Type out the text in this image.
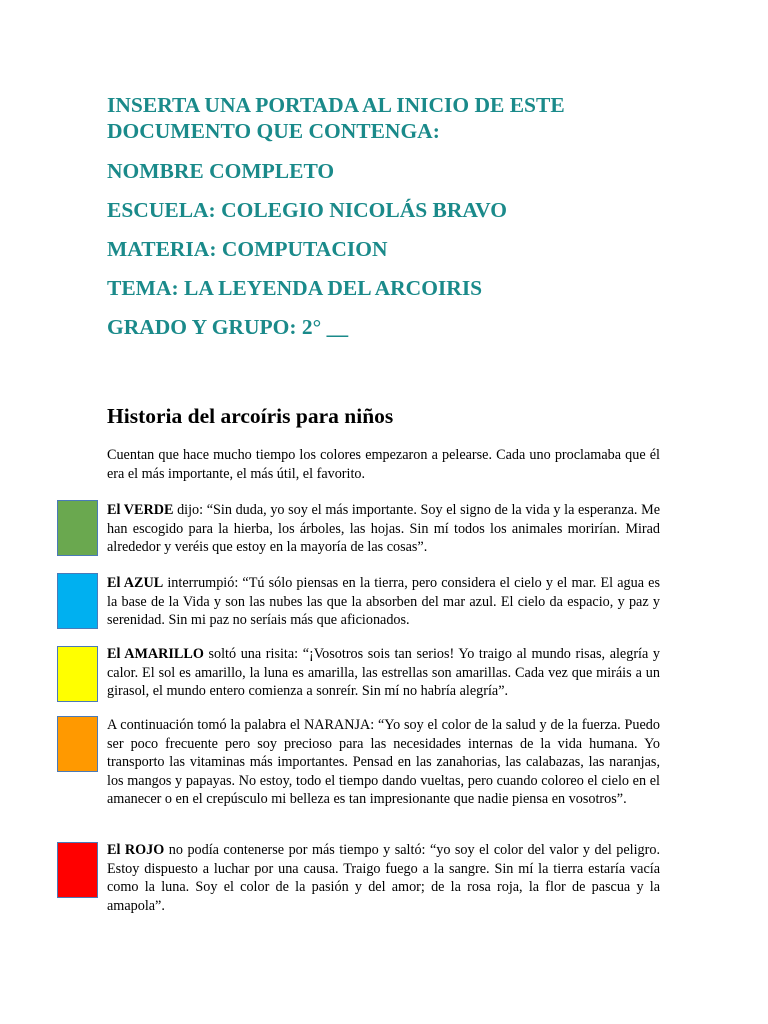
INSERTA UNA PORTADA AL INICIO DE ESTE DOCUMENTO QUE CONTENGA:

NOMBRE COMPLETO

ESCUELA: COLEGIO NICOLÁS BRAVO

MATERIA: COMPUTACION

TEMA: LA LEYENDA DEL ARCOIRIS

GRADO Y GRUPO: 2° __

Historia del arcoíris para niños

Cuentan que hace mucho tiempo los colores empezaron a pelearse. Cada uno proclamaba que él era el más importante, el más útil, el favorito.

El VERDE dijo: “Sin duda, yo soy el más importante. Soy el signo de la vida y la esperanza. Me han escogido para la hierba, los árboles, las hojas. Sin mí todos los animales morirían. Mirad alrededor y veréis que estoy en la mayoría de las cosas”.

El AZUL interrumpió: “Tú sólo piensas en la tierra, pero considera el cielo y el mar. El agua es la base de la Vida y son las nubes las que la absorben del mar azul. El cielo da espacio, y paz y serenidad. Sin mi paz no seríais más que aficionados.

El AMARILLO soltó una risita: “¡Vosotros sois tan serios! Yo traigo al mundo risas, alegría y calor. El sol es amarillo, la luna es amarilla, las estrellas son amarillas. Cada vez que miráis a un girasol, el mundo entero comienza a sonreír. Sin mí no habría alegría”.

A continuación tomó la palabra el NARANJA: “Yo soy el color de la salud y de la fuerza. Puedo ser poco frecuente pero soy precioso para las necesidades internas de la vida humana. Yo transporto las vitaminas más importantes. Pensad en las zanahorias, las calabazas, las naranjas, los mangos y papayas. No estoy, todo el tiempo dando vueltas, pero cuando coloreo el cielo en el amanecer o en el crepúsculo mi belleza es tan impresionante que nadie piensa en vosotros”.

El ROJO no podía contenerse por más tiempo y saltó: “yo soy el color del valor y del peligro. Estoy dispuesto a luchar por una causa. Traigo fuego a la sangre. Sin mí la tierra estaría vacía como la luna. Soy el color de la pasión y del amor; de la rosa roja, la flor de pascua y la amapola”.
